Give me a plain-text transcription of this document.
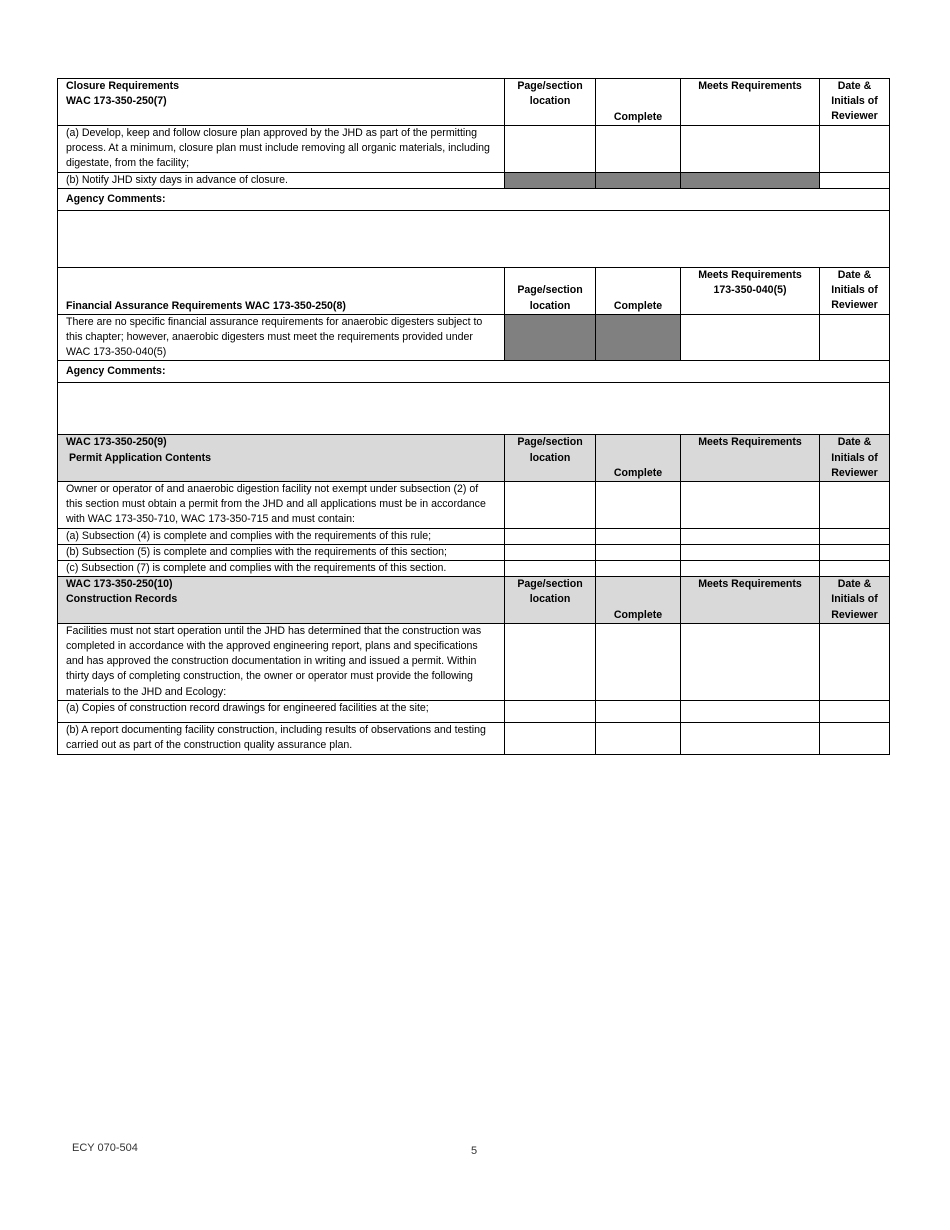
Closure Requirements
WAC 173-350-250(7)	Page/section location	Complete	Meets Requirements	Date & Initials of Reviewer
(a) Develop, keep and follow closure plan approved by the JHD as part of the permitting process. At a minimum, closure plan must include removing all organic materials, including digestate, from the facility;				
(b) Notify JHD sixty days in advance of closure.				
Agency Comments:				

Financial Assurance Requirements WAC 173-350-250(8)	Page/section location	Complete	Meets Requirements 173-350-040(5)	Date & Initials of Reviewer
There are no specific financial assurance requirements for anaerobic digesters subject to this chapter; however, anaerobic digesters must meet the requirements provided under WAC 173-350-040(5)				
Agency Comments:				

WAC 173-350-250(9)
Permit Application Contents	Page/section location	Complete	Meets Requirements	Date & Initials of Reviewer
Owner or operator of and anaerobic digestion facility not exempt under subsection (2) of this section must obtain a permit from the JHD and all applications must be in accordance with WAC 173-350-710, WAC 173-350-715 and must contain:				
(a) Subsection (4) is complete and complies with the requirements of this rule;				
(b) Subsection (5) is complete and complies with the requirements of this section;				
(c) Subsection (7) is complete and complies with the requirements of this section.				

WAC 173-350-250(10)
Construction Records	Page/section location	Complete	Meets Requirements	Date & Initials of Reviewer
Facilities must not start operation until the JHD has determined that the construction was completed in accordance with the approved engineering report, plans and specifications and has approved the construction documentation in writing and issued a permit. Within thirty days of completing construction, the owner or operator must provide the following materials to the JHD and Ecology:				
(a) Copies of construction record drawings for engineered facilities at the site;				
(b) A report documenting facility construction, including results of observations and testing carried out as part of the construction quality assurance plan.				
ECY 070-504	5
